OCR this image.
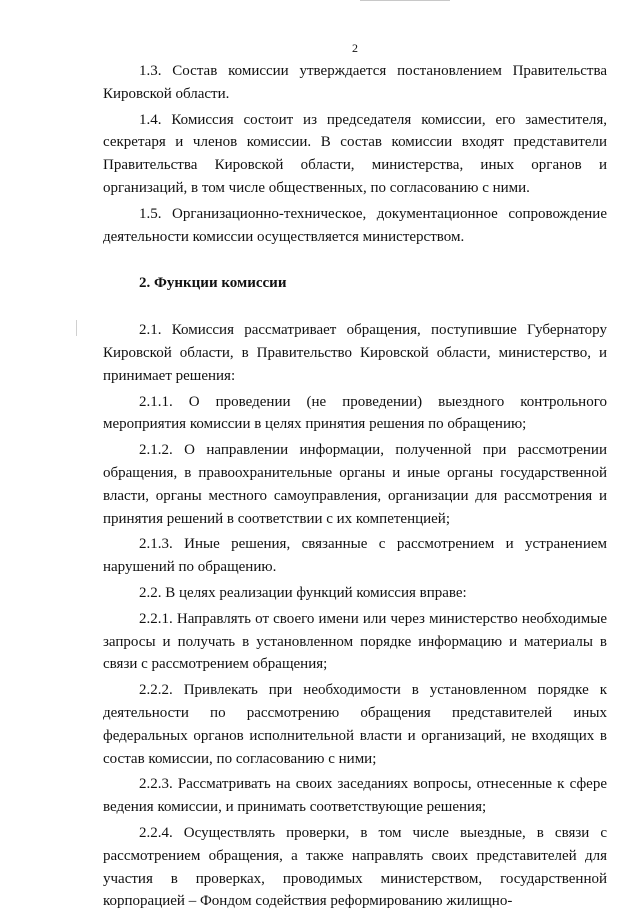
2

1.3. Состав комиссии утверждается постановлением Правительства Кировской области.

1.4. Комиссия состоит из председателя комиссии, его заместителя, секретаря и членов комиссии. В состав комиссии входят представители Правительства Кировской области, министерства, иных органов и организаций, в том числе общественных, по согласованию с ними.

1.5. Организационно-техническое, документационное сопровождение деятельности комиссии осуществляется министерством.

2. Функции комиссии

2.1. Комиссия рассматривает обращения, поступившие Губернатору Кировской области, в Правительство Кировской области, министерство, и принимает решения:

2.1.1. О проведении (не проведении) выездного контрольного мероприятия комиссии в целях принятия решения по обращению;

2.1.2. О направлении информации, полученной при рассмотрении обращения, в правоохранительные органы и иные органы государственной власти, органы местного самоуправления, организации для рассмотрения и принятия решений в соответствии с их компетенцией;

2.1.3. Иные решения, связанные с рассмотрением и устранением нарушений по обращению.

2.2. В целях реализации функций комиссия вправе:

2.2.1. Направлять от своего имени или через министерство необходимые запросы и получать в установленном порядке информацию и материалы в связи с рассмотрением обращения;

2.2.2. Привлекать при необходимости в установленном порядке к деятельности по рассмотрению обращения представителей иных федеральных органов исполнительной власти и организаций, не входящих в состав комиссии, по согласованию с ними;

2.2.3. Рассматривать на своих заседаниях вопросы, отнесенные к сфере ведения комиссии, и принимать соответствующие решения;

2.2.4. Осуществлять проверки, в том числе выездные, в связи с рассмотрением обращения, а также направлять своих представителей для участия в проверках, проводимых министерством, государственной корпорацией – Фондом содействия реформированию жилищно-
